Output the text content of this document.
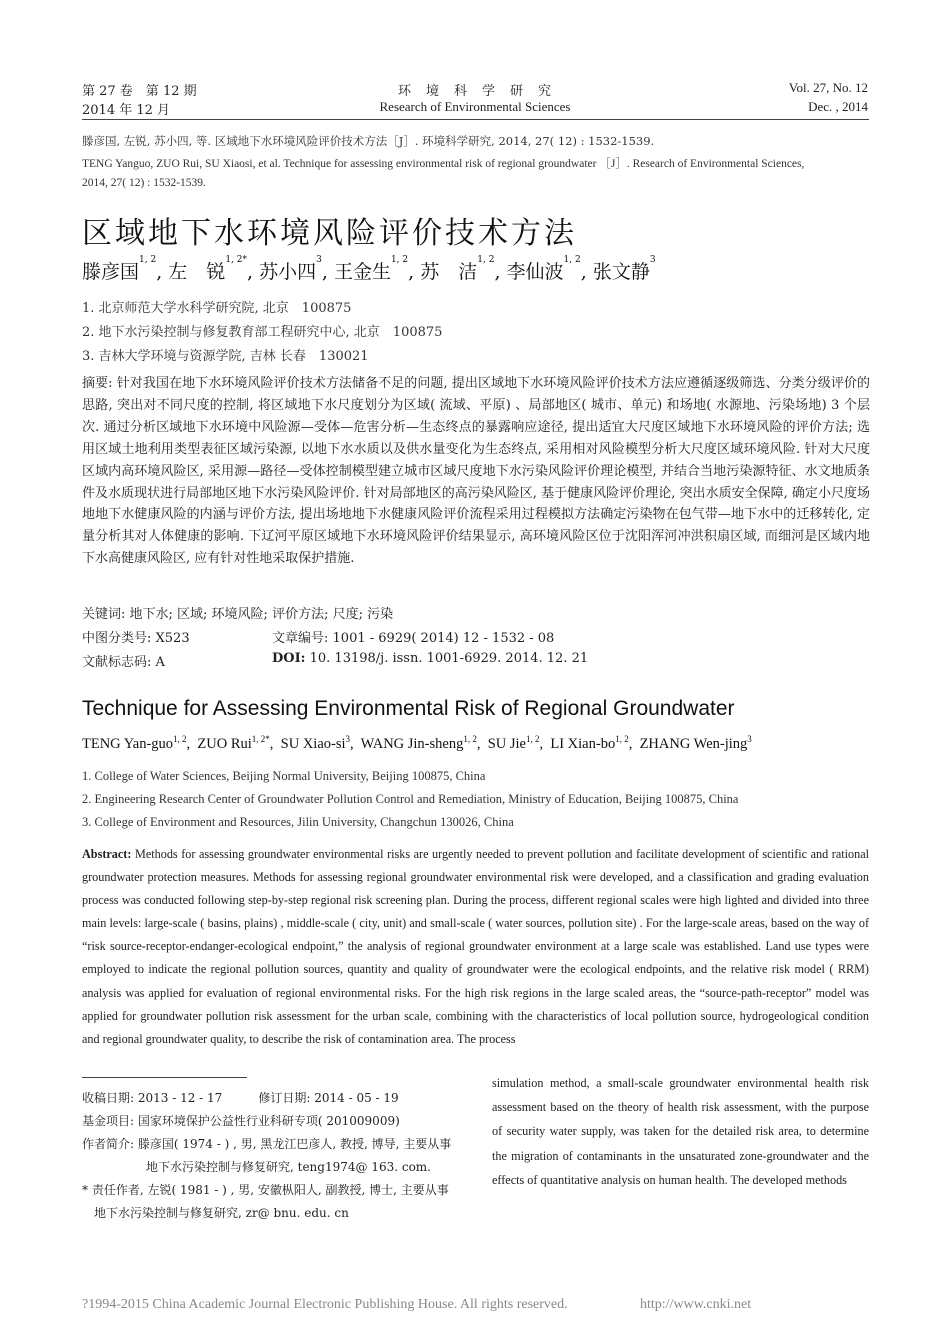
第 27 卷　第 12 期
2014 年 12 月
环　境　科　学　研　究
Research of Environmental Sciences
Vol. 27, No. 12
Dec. , 2014
滕彦国, 左锐, 苏小四, 等. 区域地下水环境风险评价技术方法［J］. 环境科学研究, 2014, 27( 12) : 1532-1539.
TENG Yanguo, ZUO Rui, SU Xiaosi, et al. Technique for assessing environmental risk of regional groundwater ［J］. Research of Environmental Sciences,
2014, 27( 12) : 1532-1539.
区域地下水环境风险评价技术方法
滕彦国$^{1, 2}$, 左　锐$^{1, 2*}$, 苏小四$^3$, 王金生$^{1, 2}$, 苏　洁$^{1, 2}$, 李仙波$^{1, 2}$, 张文静$^3$
1. 北京师范大学水科学研究院, 北京　100875
2. 地下水污染控制与修复教育部工程研究中心, 北京　100875
3. 吉林大学环境与资源学院, 吉林 长春　130021
摘要: 针对我国在地下水环境风险评价技术方法储备不足的问题, 提出区域地下水环境风险评价技术方法应遵循逐级筛选、分类分级评价的思路, 突出对不同尺度的控制, 将区域地下水尺度划分为区域( 流域、平原) 、局部地区( 城市、单元) 和场地( 水源地、污染场地) 3 个层次. 通过分析区域地下水环境中风险源—受体—危害分析—生态终点的暴露响应途径, 提出适宜大尺度区域地下水环境风险的评价方法; 选用区域土地利用类型表征区域污染源, 以地下水水质以及供水量变化为生态终点, 采用相对风险模型分析大尺度区域环境风险. 针对大尺度区域内高环境风险区, 采用源—路径—受体控制模型建立城市区域尺度地下水污染风险评价理论模型, 并结合当地污染源特征、水文地质条件及水质现状进行局部地区地下水污染风险评价. 针对局部地区的高污染风险区, 基于健康风险评价理论, 突出水质安全保障, 确定小尺度场地地下水健康风险的内涵与评价方法, 提出场地地下水健康风险评价流程采用过程模拟方法确定污染物在包气带—地下水中的迁移转化, 定量分析其对人体健康的影响. 下辽河平原区域地下水环境风险评价结果显示, 高环境风险区位于沈阳浑河冲洪积扇区域, 而细河是区域内地下水高健康风险区, 应有针对性地采取保护措施.
关键词: 地下水; 区域; 环境风险; 评价方法; 尺度; 污染
中图分类号: X523	文章编号: 1001 - 6929( 2014) 12 - 1532 - 08
文献标志码: A	DOI: 10. 13198/j. issn. 1001-6929. 2014. 12. 21
Technique for Assessing Environmental Risk of Regional Groundwater
TENG Yan-guo$^{1, 2}$,  ZUO Rui$^{1, 2*}$,  SU Xiao-$si^3$,  WANG Jin-sheng$^{1, 2}$,  SU Jie$^{1, 2}$,  LI Xian-bo$^{1, 2}$,  ZHANG Wen-jing$^3$
1. College of Water Sciences, Beijing Normal University, Beijing 100875, China
2. Engineering Research Center of Groundwater Pollution Control and Remediation, Ministry of Education, Beijing 100875, China
3. College of Environment and Resources, Jilin University, Changchun 130026, China
Abstract: Methods for assessing groundwater environmental risks are urgently needed to prevent pollution and facilitate development of scientific and rational groundwater protection measures. Methods for assessing regional groundwater environmental risk were developed, and a classification and grading evaluation process was conducted following step-by-step regional risk screening plan. During the process, different regional scales were high lighted and divided into three main levels: large-scale ( basins, plains) , middle-scale ( city, unit) and small-scale ( water sources, pollution site) . For the large-scale areas, based on the way of “risk source-receptor-endanger-ecological endpoint,” the analysis of regional groundwater environment at a large scale was established. Land use types were employed to indicate the regional pollution sources, quantity and quality of groundwater were the ecological endpoints, and the relative risk model ( RRM) analysis was applied for evaluation of regional environmental risks. For the high risk regions in the large scaled areas, the “source-path-receptor” model was applied for groundwater pollution risk assessment for the urban scale, combining with the characteristics of local pollution source, hydrogeological condition and regional groundwater quality, to describe the risk of contamination area. The process
收稿日期: 2013 - 12 - 17　　　	修订日期: 2014 - 05 - 19
基金项目: 国家环境保护公益性行业科研专项( 201009009)
作者简介: 滕彦国( 1974 - ) , 男, 黑龙江巴彦人, 教授, 博导, 主要从事
地下水污染控制与修复研究, teng1974@ 163. com.
* 责任作者, 左锐( 1981 - ) , 男, 安徽枞阳人, 副教授, 博士, 主要从事
地下水污染控制与修复研究, zr@ bnu. edu. cn
simulation method, a small-scale groundwater environmental health risk assessment based on the theory of health risk assessment, with the purpose of security water supply, was taken for the detailed risk area, to determine the migration of contaminants in the unsaturated zone-groundwater and the effects of quantitative analysis on human health. The developed methods
?1994-2015 China Academic Journal Electronic Publishing House. All rights reserved.	http://www.cnki.net
